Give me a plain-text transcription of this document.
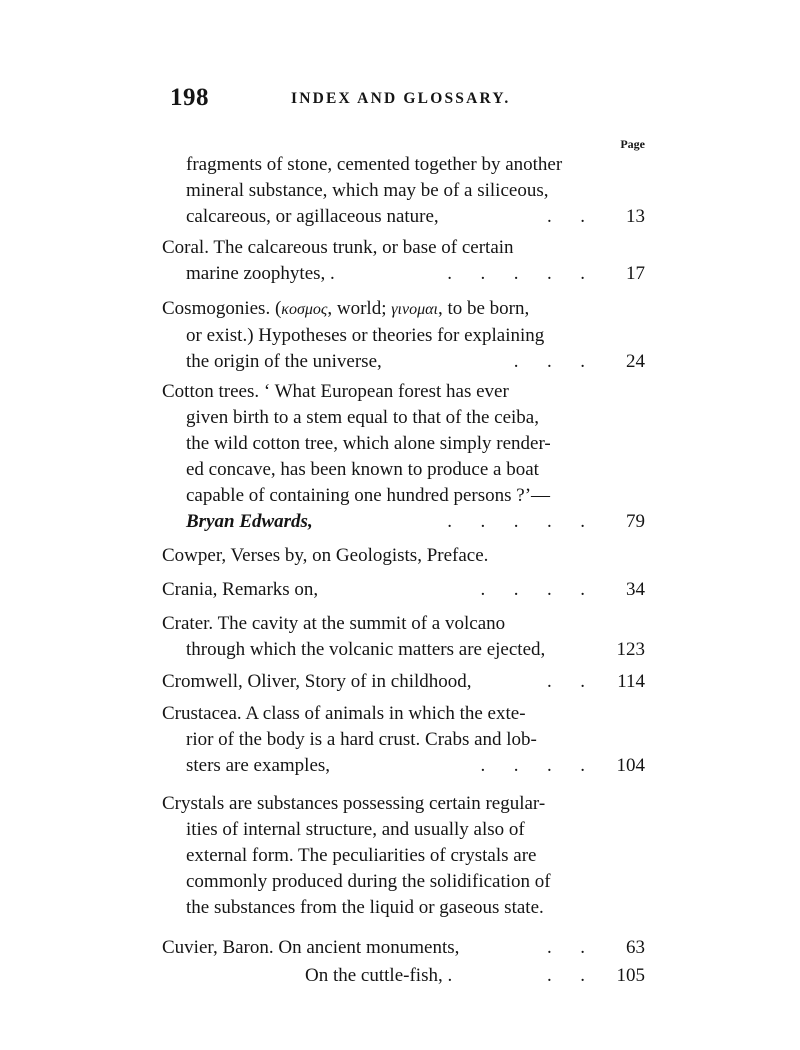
198	INDEX AND GLOSSARY.
Page
fragments of stone, cemented together by another
mineral substance, which may be of a siliceous,
calcareous, or agillaceous nature,	.      .	13
Coral. The calcareous trunk, or base of certain
marine zoophytes, .	.      .      .      .      .	17
Cosmogonies. (κοσμος, world; γινομαι, to be born,
or exist.) Hypotheses or theories for explaining
the origin of the universe,	.      .      .	24
Cotton trees. ‘ What European forest has ever
given birth to a stem equal to that of the ceiba,
the wild cotton tree, which alone simply render-
ed concave, has been known to produce a boat
capable of containing one hundred persons ?’—
Bryan Edwards,	.      .      .      .      .	79
Cowper, Verses by, on Geologists, Preface.
Crania, Remarks on,	.      .      .      .	34
Crater. The cavity at the summit of a volcano
through which the volcanic matters are ejected,	123
Cromwell, Oliver, Story of in childhood,	.      .	114
Crustacea. A class of animals in which the exte-
rior of the body is a hard crust. Crabs and lob-
sters are examples,	.      .      .      .	104
Crystals are substances possessing certain regular-
ities of internal structure, and usually also of
external form. The peculiarities of crystals are
commonly produced during the solidification of
the substances from the liquid or gaseous state.
Cuvier, Baron. On ancient monuments,	.      .	63
On the cuttle-fish, .	.      .	105
